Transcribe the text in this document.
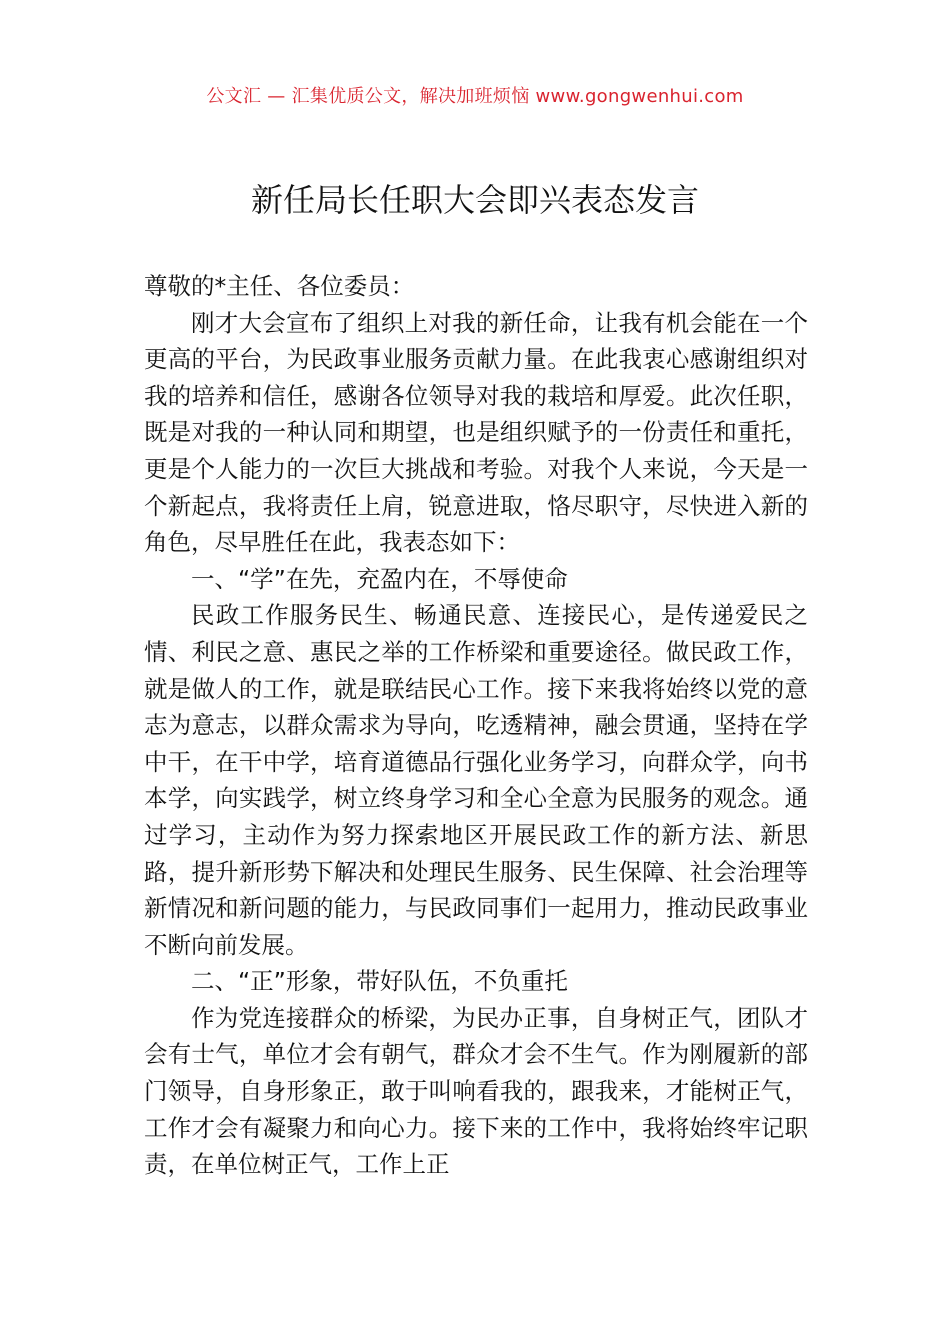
公文汇 — 汇集优质公文，解决加班烦恼 www.gongwenhui.com
新任局长任职大会即兴表态发言

尊敬的*主任、各位委员：

刚才大会宣布了组织上对我的新任命，让我有机会能在一个更高的平台，为民政事业服务贡献力量。在此我衷心感谢组织对我的培养和信任，感谢各位领导对我的栽培和厚爱。此次任职，既是对我的一种认同和期望，也是组织赋予的一份责任和重托，更是个人能力的一次巨大挑战和考验。对我个人来说，今天是一个新起点，我将责任上肩，锐意进取，恪尽职守，尽快进入新的角色，尽早胜任在此，我表态如下：

一、“学”在先，充盈内在，不辱使命

民政工作服务民生、畅通民意、连接民心，是传递爱民之情、利民之意、惠民之举的工作桥梁和重要途径。做民政工作，就是做人的工作，就是联结民心工作。接下来我将始终以党的意志为意志，以群众需求为导向，吃透精神，融会贯通，坚持在学中干，在干中学，培育道德品行强化业务学习，向群众学，向书本学，向实践学，树立终身学习和全心全意为民服务的观念。通过学习，主动作为努力探索地区开展民政工作的新方法、新思路，提升新形势下解决和处理民生服务、民生保障、社会治理等新情况和新问题的能力，与民政同事们一起用力，推动民政事业不断向前发展。

二、“正”形象，带好队伍，不负重托

作为党连接群众的桥梁，为民办正事，自身树正气，团队才会有士气，单位才会有朝气，群众才会不生气。作为刚履新的部门领导，自身形象正，敢于叫响看我的，跟我来，才能树正气，工作才会有凝聚力和向心力。接下来的工作中，我将始终牢记职责，在单位树正气，工作上正
